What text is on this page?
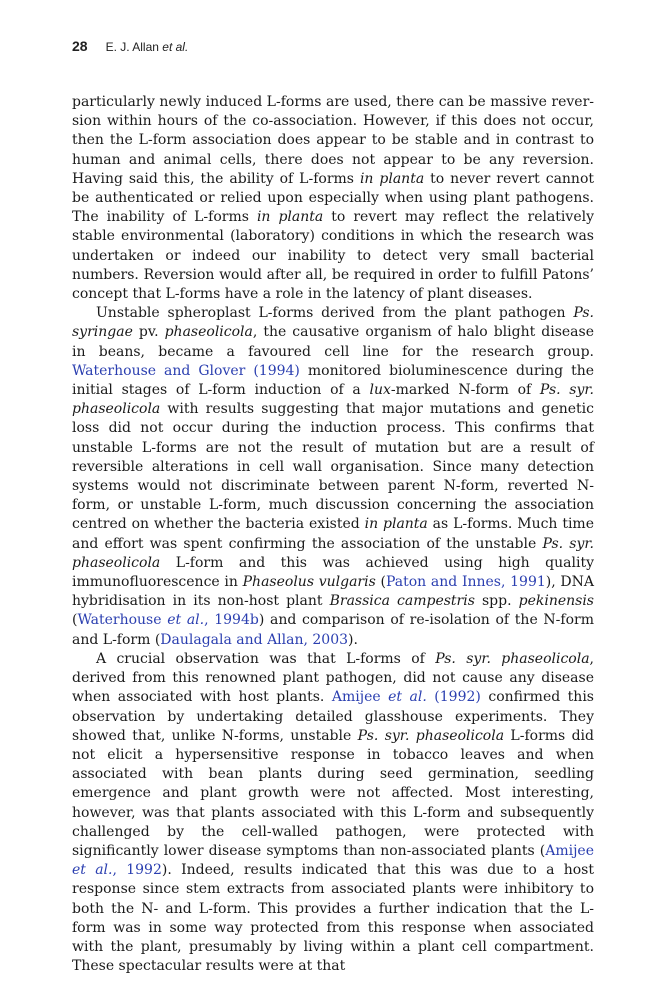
28 E. J. Allan et al.

particularly newly induced L-forms are used, there can be massive reversion within hours of the co-association. However, if this does not occur, then the L-form association does appear to be stable and in contrast to human and animal cells, there does not appear to be any reversion. Having said this, the ability of L-forms in planta to never revert cannot be authenticated or relied upon especially when using plant pathogens. The inability of L-forms in planta to revert may reflect the relatively stable environmental (laboratory) conditions in which the research was undertaken or indeed our inability to detect very small bacterial numbers. Reversion would after all, be required in order to fulfill Patons’ concept that L-forms have a role in the latency of plant diseases.

Unstable spheroplast L-forms derived from the plant pathogen Ps. syringae pv. phaseolicola, the causative organism of halo blight disease in beans, became a favoured cell line for the research group. Waterhouse and Glover (1994) monitored bioluminescence during the initial stages of L-form induction of a lux-marked N-form of Ps. syr. phaseolicola with results suggesting that major mutations and genetic loss did not occur during the induction process. This confirms that unstable L-forms are not the result of mutation but are a result of reversible alterations in cell wall organisation. Since many detection systems would not discriminate between parent N-form, reverted N-form, or unstable L-form, much discussion concerning the association centred on whether the bacteria existed in planta as L-forms. Much time and effort was spent confirming the association of the unstable Ps. syr. phaseolicola L-form and this was achieved using high quality immunofluorescence in Phaseolus vulgaris (Paton and Innes, 1991), DNA hybridisation in its non-host plant Brassica campestris spp. pekinensis (Waterhouse et al., 1994b) and comparison of re-isolation of the N-form and L-form (Daulagala and Allan, 2003).

A crucial observation was that L-forms of Ps. syr. phaseolicola, derived from this renowned plant pathogen, did not cause any disease when associated with host plants. Amijee et al. (1992) confirmed this observation by undertaking detailed glasshouse experiments. They showed that, unlike N-forms, unstable Ps. syr. phaseolicola L-forms did not elicit a hypersensitive response in tobacco leaves and when associated with bean plants during seed germination, seedling emergence and plant growth were not affected. Most interesting, however, was that plants associated with this L-form and subsequently challenged by the cell-walled pathogen, were protected with significantly lower disease symptoms than non-associated plants (Amijee et al., 1992). Indeed, results indicated that this was due to a host response since stem extracts from associated plants were inhibitory to both the N- and L-form. This provides a further indication that the L-form was in some way protected from this response when associated with the plant, presumably by living within a plant cell compartment. These spectacular results were at that
